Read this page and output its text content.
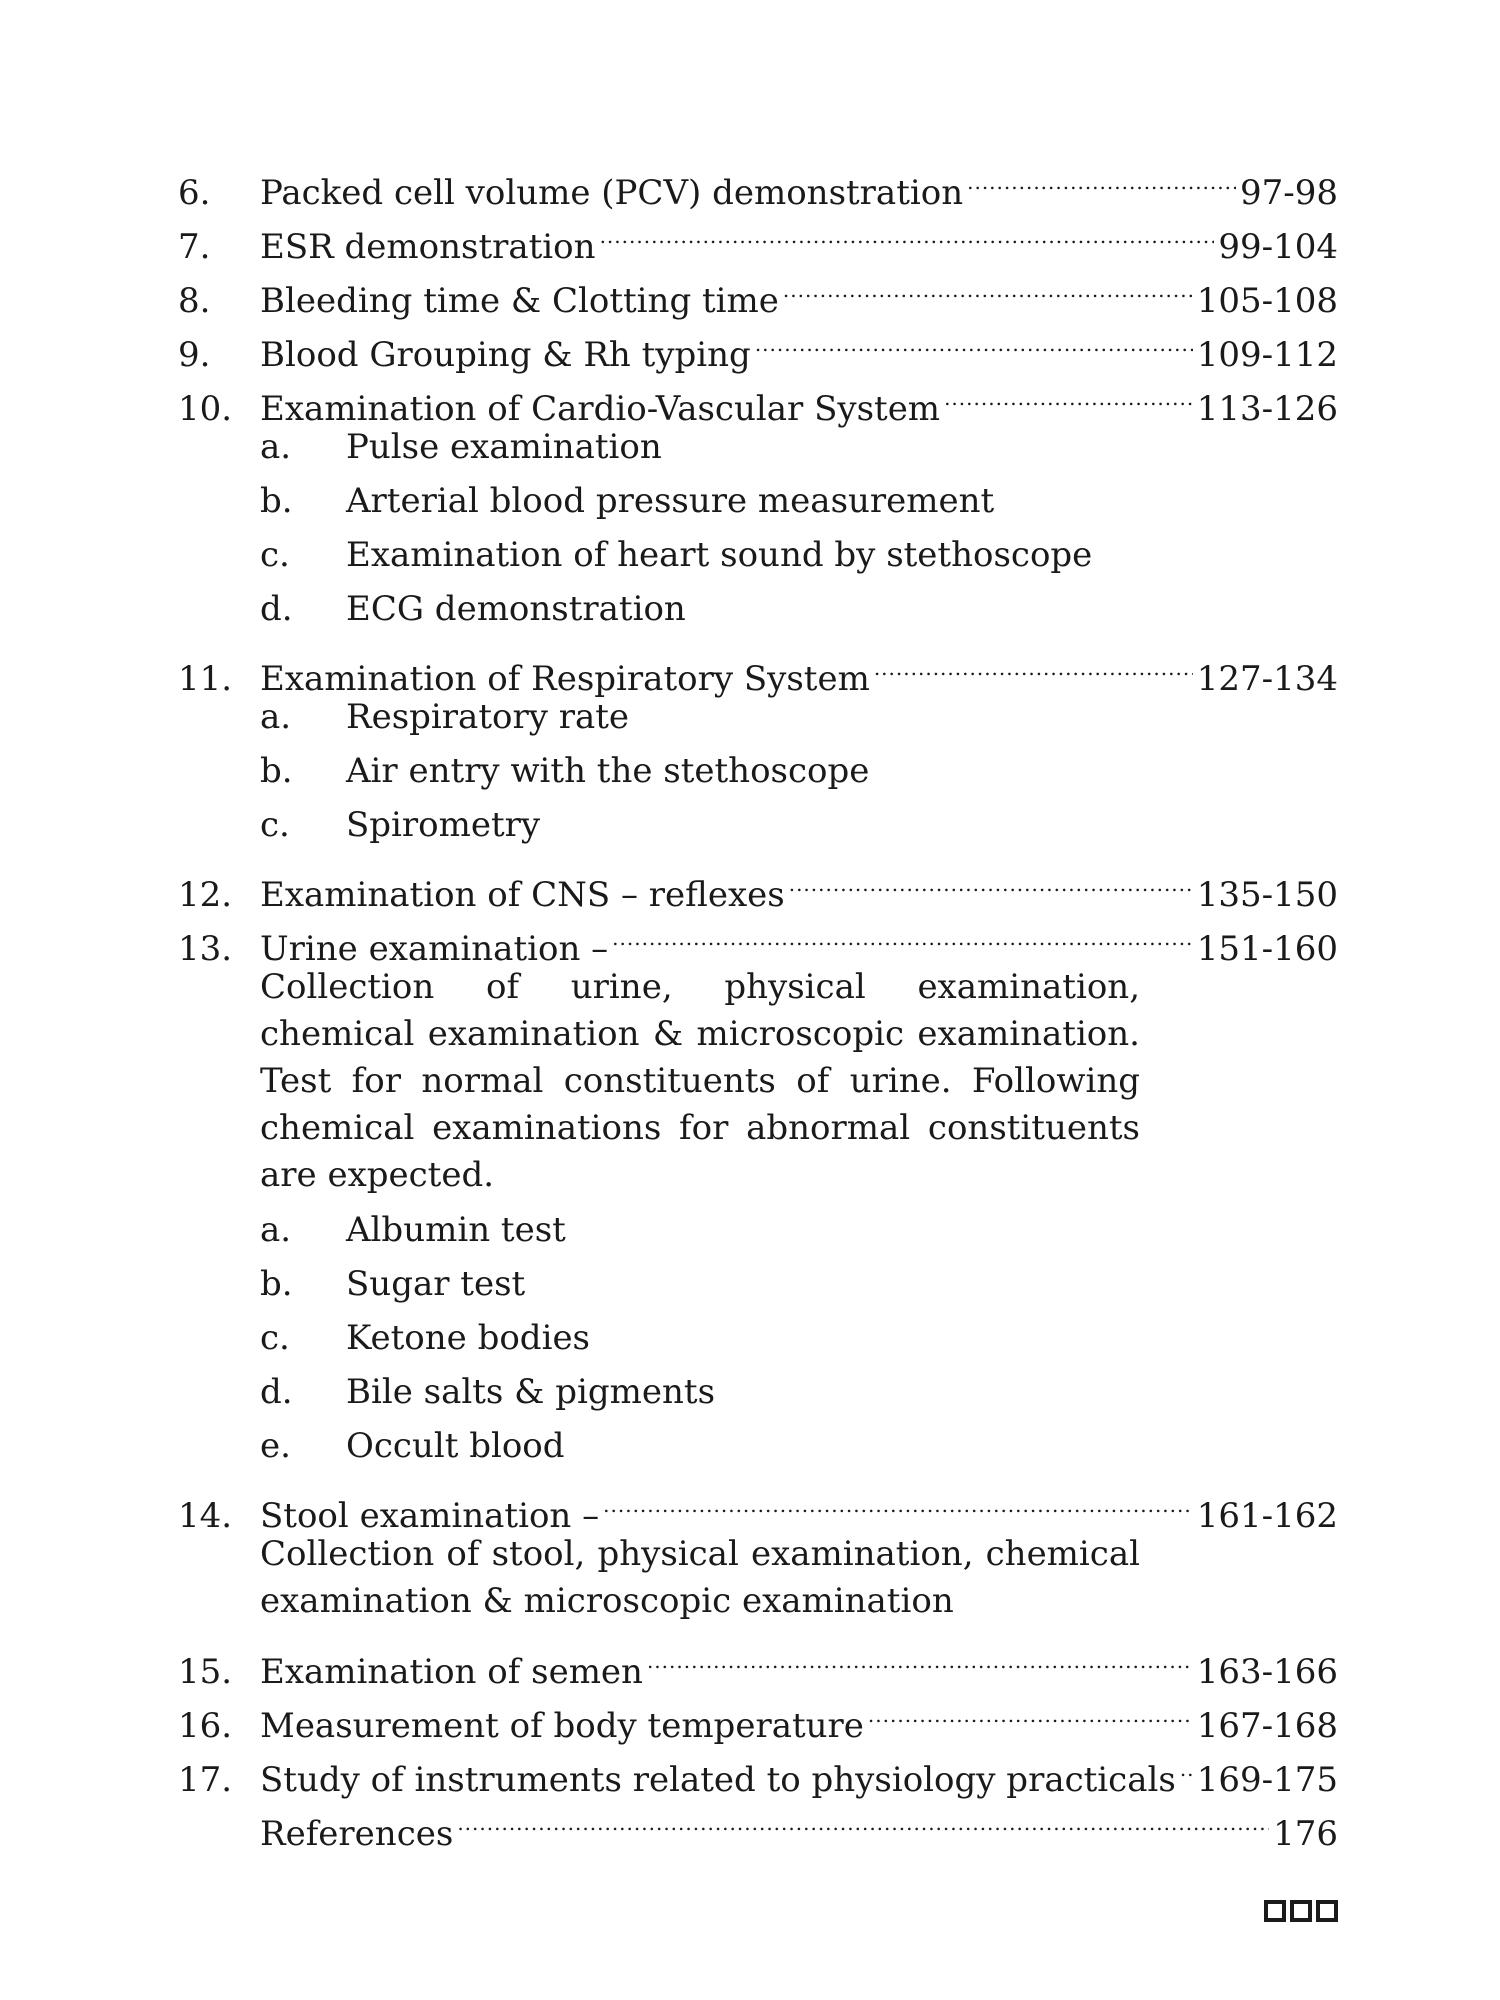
6.	Packed cell volume (PCV) demonstration .....	97-98
7.	ESR demonstration .....	99-104
8.	Bleeding time & Clotting time .....	105-108
9.	Blood Grouping & Rh typing .....	109-112
10. Examination of Cardio-Vascular System .....	113-126
a.	Pulse examination
b.	Arterial blood pressure measurement
c.	Examination of heart sound by stethoscope
d.	ECG demonstration
11. Examination of Respiratory System .....	127-134
a.	Respiratory rate
b.	Air entry with the stethoscope
c.	Spirometry
12. Examination of CNS – reflexes .....	135-150
13. Urine examination – .....	151-160
Collection of urine, physical examination, chemical examination & microscopic examination. Test for normal constituents of urine. Following chemical examinations for abnormal constituents are expected.
a.	Albumin test
b.	Sugar test
c.	Ketone bodies
d.	Bile salts & pigments
e.	Occult blood
14. Stool examination – .....	161-162
Collection of stool, physical examination, chemical examination & microscopic examination
15. Examination of semen .....	163-166
16. Measurement of body temperature .....	167-168
17. Study of instruments related to physiology practicals ..... 169-175
References .....	176
